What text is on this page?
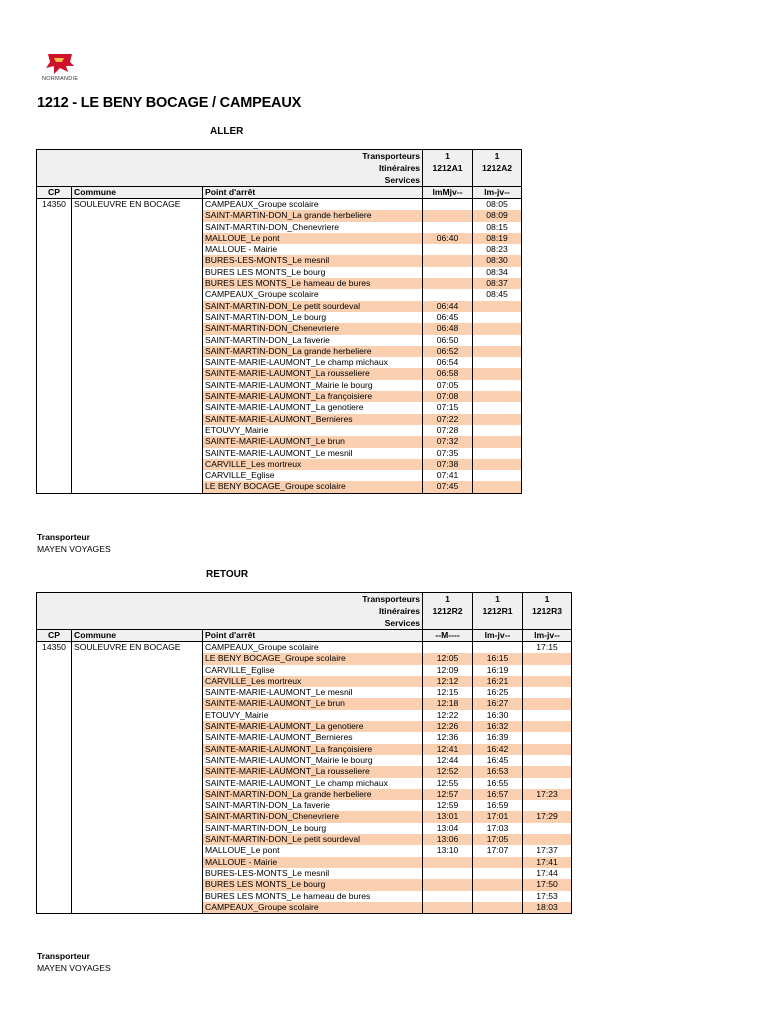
NORMANDIE
1212 - LE BENY BOCAGE / CAMPEAUX
ALLER
Transporteurs			1	1
Itinéraires			1212A1	1212A2
Services				
CP	Commune	Point d'arrêt	lmMjv--	lm-jv--
14350	SOULEUVRE EN BOCAGE	CAMPEAUX_Groupe scolaire		08:05
		SAINT-MARTIN-DON_La grande herbeliere		08:09
		SAINT-MARTIN-DON_Chenevriere		08:15
		MALLOUE_Le pont	06:40	08:19
		MALLOUE - Mairie		08:23
		BURES-LES-MONTS_Le mesnil		08:30
		BURES LES MONTS_Le bourg		08:34
		BURES LES MONTS_Le hameau de bures		08:37
		CAMPEAUX_Groupe scolaire		08:45
		SAINT-MARTIN-DON_Le petit sourdeval	06:44	
		SAINT-MARTIN-DON_Le bourg	06:45	
		SAINT-MARTIN-DON_Chenevriere	06:48	
		SAINT-MARTIN-DON_La faverie	06:50	
		SAINT-MARTIN-DON_La grande herbeliere	06:52	
		SAINTE-MARIE-LAUMONT_Le champ michaux	06:54	
		SAINTE-MARIE-LAUMONT_La rousseliere	06:58	
		SAINTE-MARIE-LAUMONT_Mairie le bourg	07:05	
		SAINTE-MARIE-LAUMONT_La françoisiere	07:08	
		SAINTE-MARIE-LAUMONT_La genotiere	07:15	
		SAINTE-MARIE-LAUMONT_Bernieres	07:22	
		ETOUVY_Mairie	07:28	
		SAINTE-MARIE-LAUMONT_Le brun	07:32	
		SAINTE-MARIE-LAUMONT_Le mesnil	07:35	
		CARVILLE_Les mortreux	07:38	
		CARVILLE_Eglise	07:41	
		LE BENY BOCAGE_Groupe scolaire	07:45	
Transporteur
MAYEN VOYAGES
RETOUR
Transporteurs			1	1	1
Itinéraires			1212R2	1212R1	1212R3
Services					
CP	Commune	Point d'arrêt	--M----	lm-jv--	lm-jv--
14350	SOULEUVRE EN BOCAGE	CAMPEAUX_Groupe scolaire			17:15
		LE BENY BOCAGE_Groupe scolaire	12:05	16:15	
		CARVILLE_Eglise	12:09	16:19	
		CARVILLE_Les mortreux	12:12	16:21	
		SAINTE-MARIE-LAUMONT_Le mesnil	12:15	16:25	
		SAINTE-MARIE-LAUMONT_Le brun	12:18	16:27	
		ETOUVY_Mairie	12:22	16:30	
		SAINTE-MARIE-LAUMONT_La genotiere	12:26	16:32	
		SAINTE-MARIE-LAUMONT_Bernieres	12:36	16:39	
		SAINTE-MARIE-LAUMONT_La françoisiere	12:41	16:42	
		SAINTE-MARIE-LAUMONT_Mairie le bourg	12:44	16:45	
		SAINTE-MARIE-LAUMONT_La rousseliere	12:52	16:53	
		SAINTE-MARIE-LAUMONT_Le champ michaux	12:55	16:55	
		SAINT-MARTIN-DON_La grande herbeliere	12:57	16:57	17:23
		SAINT-MARTIN-DON_La faverie	12:59	16:59	
		SAINT-MARTIN-DON_Chenevriere	13:01	17:01	17:29
		SAINT-MARTIN-DON_Le bourg	13:04	17:03	
		SAINT-MARTIN-DON_Le petit sourdeval	13:06	17:05	
		MALLOUE_Le pont	13:10	17:07	17:37
		MALLOUE - Mairie			17:41
		BURES-LES-MONTS_Le mesnil			17:44
		BURES LES MONTS_Le bourg			17:50
		BURES LES MONTS_Le hameau de bures			17:53
		CAMPEAUX_Groupe scolaire			18:03
Transporteur
MAYEN VOYAGES
